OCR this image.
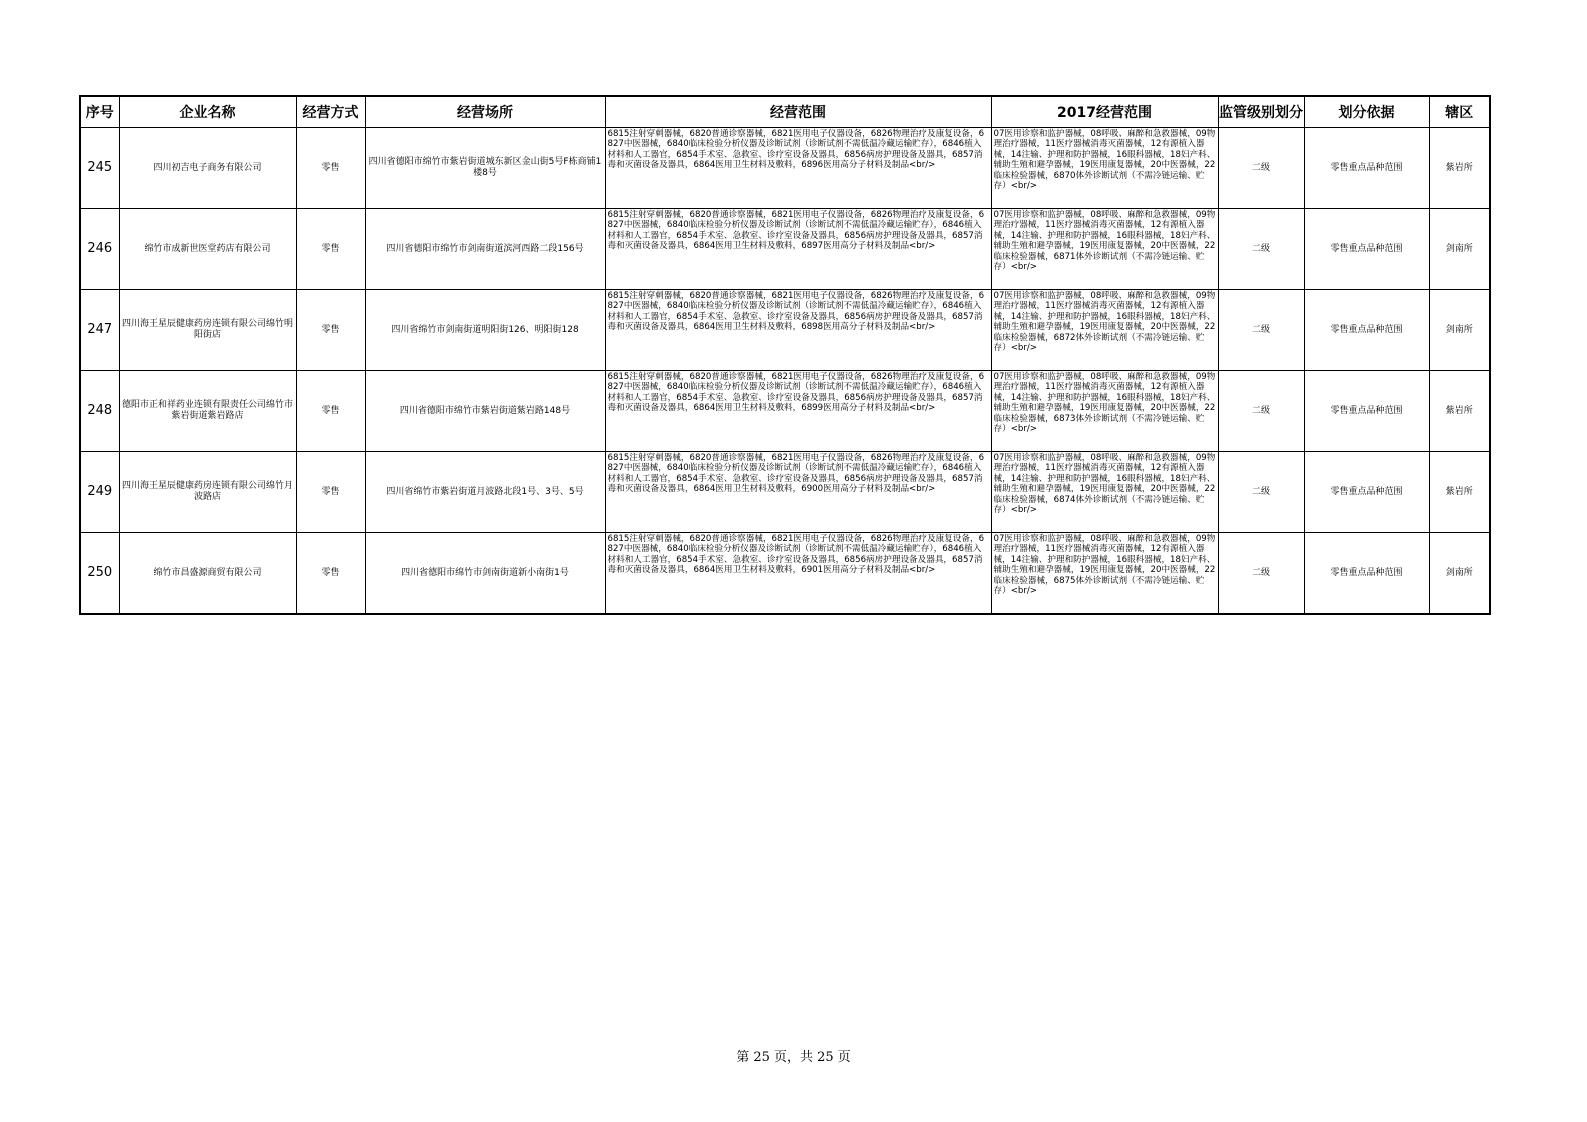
序号	企业名称	经营方式	经营场所	经营范围	2017经营范围	监管级别划分	划分依据	辖区
245	四川初吉电子商务有限公司	零售	四川省德阳市绵竹市紫岩街道城东新区金山街5号F栋商铺1楼8号	6815注射穿刺器械，6820普通诊察器械，6821医用电子仪器设备，6826物理治疗及康复设备，6827中医器械，6840临床检验分析仪器及诊断试剂（诊断试剂不需低温冷藏运输贮存），6846植入材料和人工器官，6854手术室、急救室、诊疗室设备及器具，6856病房护理设备及器具，6857消毒和灭菌设备及器具，6864医用卫生材料及敷料，6896医用高分子材料及制品<br/>	07医用诊察和监护器械，08呼吸、麻醉和急救器械，09物理治疗器械，11医疗器械消毒灭菌器械，12有源植入器械，14注输、护理和防护器械，16眼科器械，18妇产科、辅助生殖和避孕器械，19医用康复器械，20中医器械，22临床检验器械，6870体外诊断试剂（不需冷链运输、贮存）<br/>	二级	零售重点品种范围	紫岩所
246	绵竹市成新世医堂药店有限公司	零售	四川省德阳市绵竹市剑南街道滨河西路二段156号	6815注射穿刺器械，6820普通诊察器械，6821医用电子仪器设备，6826物理治疗及康复设备，6827中医器械，6840临床检验分析仪器及诊断试剂（诊断试剂不需低温冷藏运输贮存），6846植入材料和人工器官，6854手术室、急救室、诊疗室设备及器具，6856病房护理设备及器具，6857消毒和灭菌设备及器具，6864医用卫生材料及敷料，6897医用高分子材料及制品<br/>	07医用诊察和监护器械，08呼吸、麻醉和急救器械，09物理治疗器械，11医疗器械消毒灭菌器械，12有源植入器械，14注输、护理和防护器械，16眼科器械，18妇产科、辅助生殖和避孕器械，19医用康复器械，20中医器械，22临床检验器械，6871体外诊断试剂（不需冷链运输、贮存）<br/>	二级	零售重点品种范围	剑南所
247	四川海王星辰健康药房连锁有限公司绵竹明阳街店	零售	四川省绵竹市剑南街道明阳街126、明阳街128	6815注射穿刺器械，6820普通诊察器械，6821医用电子仪器设备，6826物理治疗及康复设备，6827中医器械，6840临床检验分析仪器及诊断试剂（诊断试剂不需低温冷藏运输贮存），6846植入材料和人工器官，6854手术室、急救室、诊疗室设备及器具，6856病房护理设备及器具，6857消毒和灭菌设备及器具，6864医用卫生材料及敷料，6898医用高分子材料及制品<br/>	07医用诊察和监护器械，08呼吸、麻醉和急救器械，09物理治疗器械，11医疗器械消毒灭菌器械，12有源植入器械，14注输、护理和防护器械，16眼科器械，18妇产科、辅助生殖和避孕器械，19医用康复器械，20中医器械，22临床检验器械，6872体外诊断试剂（不需冷链运输、贮存）<br/>	二级	零售重点品种范围	剑南所
248	德阳市正和祥药业连锁有限责任公司绵竹市紫岩街道紫岩路店	零售	四川省德阳市绵竹市紫岩街道紫岩路148号	6815注射穿刺器械，6820普通诊察器械，6821医用电子仪器设备，6826物理治疗及康复设备，6827中医器械，6840临床检验分析仪器及诊断试剂（诊断试剂不需低温冷藏运输贮存），6846植入材料和人工器官，6854手术室、急救室、诊疗室设备及器具，6856病房护理设备及器具，6857消毒和灭菌设备及器具，6864医用卫生材料及敷料，6899医用高分子材料及制品<br/>	07医用诊察和监护器械，08呼吸、麻醉和急救器械，09物理治疗器械，11医疗器械消毒灭菌器械，12有源植入器械，14注输、护理和防护器械，16眼科器械，18妇产科、辅助生殖和避孕器械，19医用康复器械，20中医器械，22临床检验器械，6873体外诊断试剂（不需冷链运输、贮存）<br/>	二级	零售重点品种范围	紫岩所
249	四川海王星辰健康药房连锁有限公司绵竹月波路店	零售	四川省绵竹市紫岩街道月波路北段1号、3号、5号	6815注射穿刺器械，6820普通诊察器械，6821医用电子仪器设备，6826物理治疗及康复设备，6827中医器械，6840临床检验分析仪器及诊断试剂（诊断试剂不需低温冷藏运输贮存），6846植入材料和人工器官，6854手术室、急救室、诊疗室设备及器具，6856病房护理设备及器具，6857消毒和灭菌设备及器具，6864医用卫生材料及敷料，6900医用高分子材料及制品<br/>	07医用诊察和监护器械，08呼吸、麻醉和急救器械，09物理治疗器械，11医疗器械消毒灭菌器械，12有源植入器械，14注输、护理和防护器械，16眼科器械，18妇产科、辅助生殖和避孕器械，19医用康复器械，20中医器械，22临床检验器械，6874体外诊断试剂（不需冷链运输、贮存）<br/>	二级	零售重点品种范围	紫岩所
250	绵竹市昌盛源商贸有限公司	零售	四川省德阳市绵竹市剑南街道新小南街1号	6815注射穿刺器械，6820普通诊察器械，6821医用电子仪器设备，6826物理治疗及康复设备，6827中医器械，6840临床检验分析仪器及诊断试剂（诊断试剂不需低温冷藏运输贮存），6846植入材料和人工器官，6854手术室、急救室、诊疗室设备及器具，6856病房护理设备及器具，6857消毒和灭菌设备及器具，6864医用卫生材料及敷料，6901医用高分子材料及制品<br/>	07医用诊察和监护器械，08呼吸、麻醉和急救器械，09物理治疗器械，11医疗器械消毒灭菌器械，12有源植入器械，14注输、护理和防护器械，16眼科器械，18妇产科、辅助生殖和避孕器械，19医用康复器械，20中医器械，22临床检验器械，6875体外诊断试剂（不需冷链运输、贮存）<br/>	二级	零售重点品种范围	剑南所
第 25 页，共 25 页
